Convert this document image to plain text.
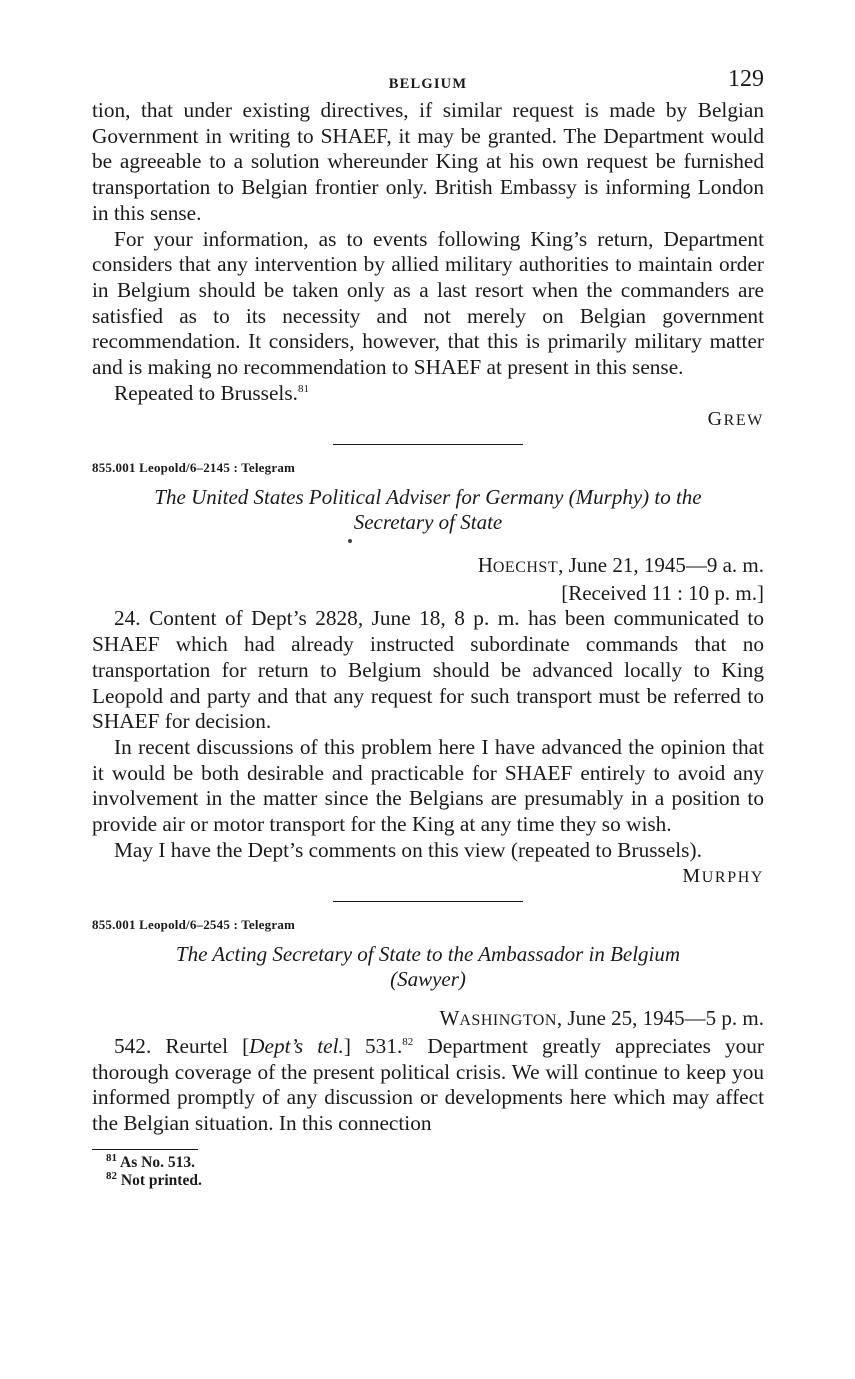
BELGIUM	129

tion, that under existing directives, if similar request is made by Belgian Government in writing to SHAEF, it may be granted. The Department would be agreeable to a solution whereunder King at his own request be furnished transportation to Belgian frontier only. British Embassy is informing London in this sense.

For your information, as to events following King’s return, Department considers that any intervention by allied military authorities to maintain order in Belgium should be taken only as a last resort when the commanders are satisfied as to its necessity and not merely on Belgian government recommendation. It considers, however, that this is primarily military matter and is making no recommendation to SHAEF at present in this sense.

Repeated to Brussels.$^{81}$

GREW
855.001 Leopold/6–2145 : Telegram
The United States Political Adviser for Germany (Murphy) to the
Secretary of State
HOECHST, June 21, 1945—9 a. m.
[Received 11 : 10 p. m.]

24. Content of Dept’s 2828, June 18, 8 p. m. has been communicated to SHAEF which had already instructed subordinate commands that no transportation for return to Belgium should be advanced locally to King Leopold and party and that any request for such transport must be referred to SHAEF for decision.

In recent discussions of this problem here I have advanced the opinion that it would be both desirable and practicable for SHAEF entirely to avoid any involvement in the matter since the Belgians are presumably in a position to provide air or motor transport for the King at any time they so wish.

May I have the Dept’s comments on this view (repeated to Brussels).

MURPHY
855.001 Leopold/6–2545 : Telegram
The Acting Secretary of State to the Ambassador in Belgium
(Sawyer)
WASHINGTON, June 25, 1945—5 p. m.

542. Reurtel [Dept’s tel.] 531.82 Department greatly appreciates your thorough coverage of the present political crisis. We will continue to keep you informed promptly of any discussion or developments here which may affect the Belgian situation. In this connection

$^{81}$ As No. 513.
$^{82}$ Not printed.
